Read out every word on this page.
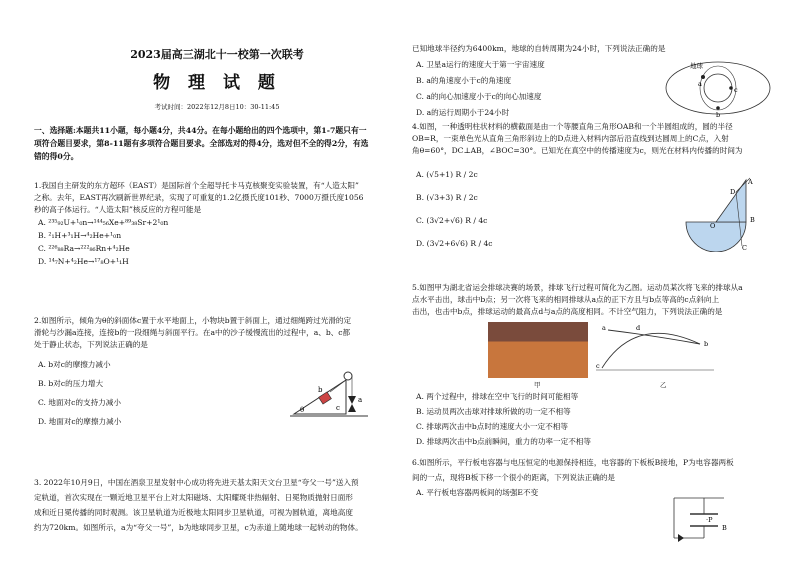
2023届高三湖北十一校第一次联考
物 理 试 题
考试时间：2022年12月8日10：30-11:45
一、选择题:本题共11小题，每小题4分，共44分。在每小题给出的四个选项中，第1-7题只有一
项符合题目要求，第8-11题有多项符合题目要求。全部选对的得4分，选对但不全的得2分，有选
错的得0分。
1.我国自主研发的东方超环（EAST）是国际首个全超导托卡马克核聚变实验装置，有“人造太阳”
之称。去年，EAST再次刷新世界纪录，实现了可重复的1.2亿摄氏度101秒、7000万摄氏度1056
秒的高子体运行。“人造太阳”核反应的方程可能是
A. ²³⁵₉₂U+¹₀n→¹⁴⁴₅₆Xe+⁸⁹₃₈Sr+2¹₀n
B. ²₁H+³₁H→⁴₂He+¹₀n
C. ²²⁶₈₈Ra→²²²₈₆Rn+⁴₂He
D. ¹⁴₇N+⁴₂He→¹⁷₈O+¹₁H
2.如图所示，倾角为θ的斜面体c置于水平地面上，小物块b置于斜面上，通过细绳跨过光滑的定
滑轮与沙漏a连接，连接b的一段细绳与斜面平行。在a中的沙子缓慢流出的过程中，a、b、c都
处于静止状态，下列说法正确的是
A. b对c的摩擦力减小
B. b对c的压力增大
C. 地面对c的支持力减小
D. 地面对c的摩擦力减小
b
c
a
θ
3. 2022年10月9日，中国在酒泉卫星发射中心成功将先进天基太阳天文台卫星“夸父一号”送入预
定轨道，首次实现在一颗近地卫星平台上对太阳磁场、太阳耀斑非热辐射、日冕物质抛射日面形
成和近日冕传播的同时观测。该卫星轨道为近极地太阳同步卫星轨道，可视为圆轨道，离地高度
约为720km。如图所示，a为“夸父一号”，b为地球同步卫星，c为赤道上随地球一起转动的物体。
已知地球半径约为6400km，地球的自转周期为24小时，下列说法正确的是
A. 卫星a运行的速度大于第一宇宙速度
B. a的角速度小于c的角速度
C. a的向心加速度小于c的向心加速度
D. a的运行周期小于24小时
地球
a
c
b
4.如图，一种透明柱状材料的横截面是由一个等腰直角三角形OAB和一个半圆组成的，圆的半径
OB=R，一束单色光从直角三角形斜边上的D点进入材料内部后沿直线到达圆周上的C点，入射
角θ=60°，DC⊥AB，∠BOC=30°。已知光在真空中的传播速度为c，则光在材料内传播的时间为
A. (√5+1) R / 2c
B. (√3+3) R / 2c
C. (3√2+√6) R / 4c
D. (3√2+6√6) R / 4c
A
D
B
O
C
5.如图甲为湖北省运会排球决赛的场景，排球飞行过程可简化为乙图。运动员某次将飞来的排球从a
点水平击出，球击中b点；另一次将飞来的相同排球从a点的正下方且与b点等高的c点斜向上
击出，也击中b点，排球运动的最高点d与a点的高度相同。不计空气阻力，下列说法正确的是
甲
a	d
c
b
乙
A. 两个过程中，排球在空中飞行的时间可能相等
B. 运动员两次击球对排球所做的功一定不相等
C. 排球两次击中b点时的速度大小一定不相等
D. 排球两次击中b点前瞬间，重力的功率一定不相等
6.如图所示，平行板电容器与电压恒定的电源保持相连，电容器的下板板B接地，P为电容器两板
间的一点，现将B板下移一个很小的距离，下列说法正确的是
A. 平行板电容器两板间的场强E不变
·P
B
